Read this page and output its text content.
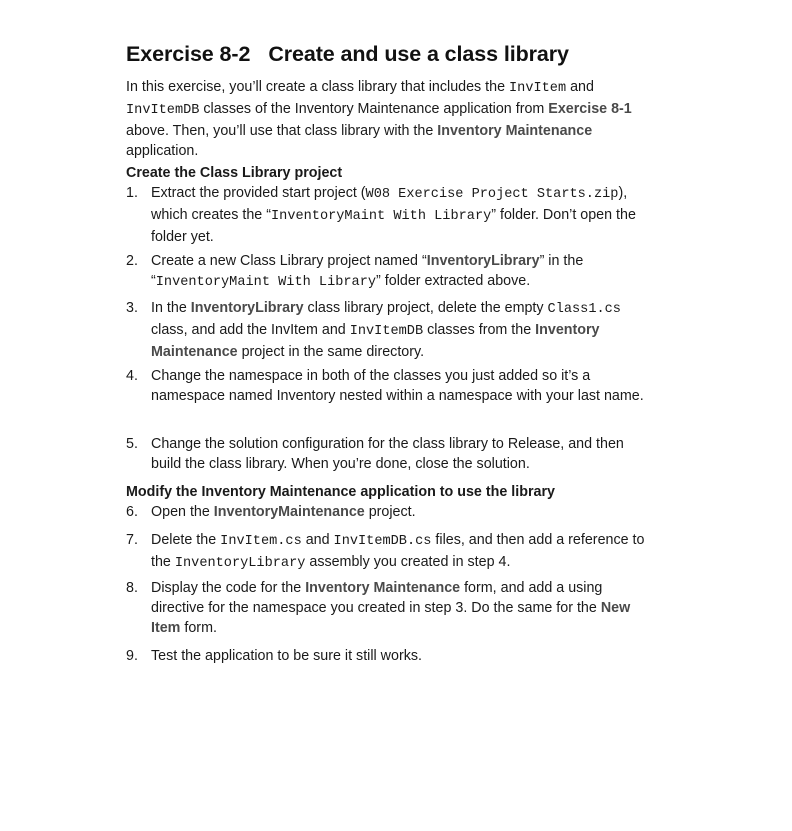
Exercise 8-2 Create and use a class library

In this exercise, you’ll create a class library that includes the InvItem and InvItemDB classes of the Inventory Maintenance application from Exercise 8-1 above. Then, you’ll use that class library with the Inventory Maintenance application.

Create the Class Library project

1. Extract the provided start project (W08 Exercise Project Starts.zip), which creates the “InventoryMaint With Library” folder. Don’t open the folder yet.
2. Create a new Class Library project named “InventoryLibrary” in the “InventoryMaint With Library” folder extracted above.
3. In the InventoryLibrary class library project, delete the empty Class1.cs class, and add the InvItem and InvItemDB classes from the Inventory Maintenance project in the same directory.
4. Change the namespace in both of the classes you just added so it’s a namespace named Inventory nested within a namespace with your last name.
5. Change the solution configuration for the class library to Release, and then build the class library. When you’re done, close the solution.

Modify the Inventory Maintenance application to use the library

6. Open the InventoryMaintenance project.
7. Delete the InvItem.cs and InvItemDB.cs files, and then add a reference to the InventoryLibrary assembly you created in step 4.
8. Display the code for the Inventory Maintenance form, and add a using directive for the namespace you created in step 3. Do the same for the New Item form.
9. Test the application to be sure it still works.
